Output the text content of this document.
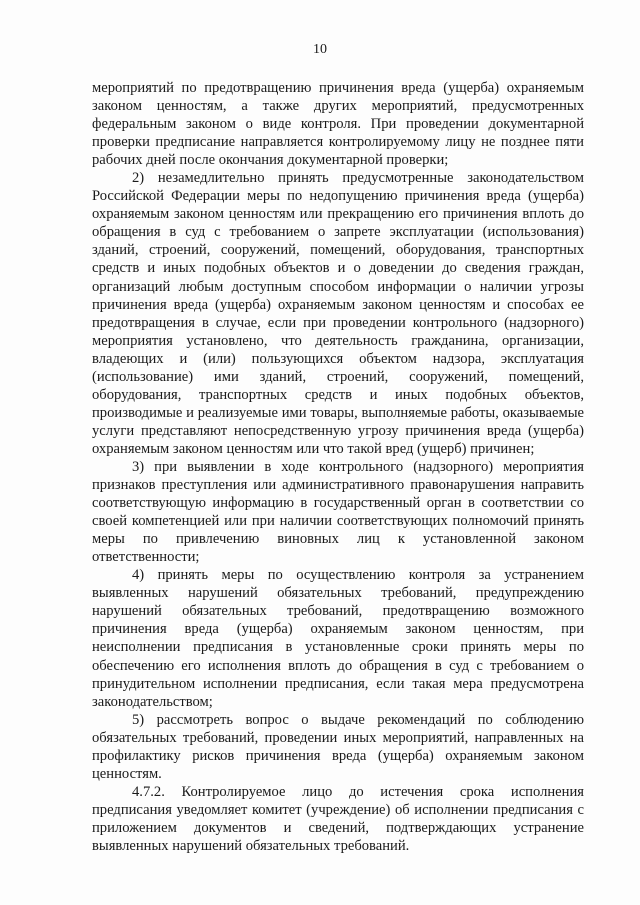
10

мероприятий по предотвращению причинения вреда (ущерба) охраняемым законом ценностям, а также других мероприятий, предусмотренных федеральным законом о виде контроля. При проведении документарной проверки предписание направляется контролируемому лицу не позднее пяти рабочих дней после окончания документарной проверки;

2) незамедлительно принять предусмотренные законодательством Российской Федерации меры по недопущению причинения вреда (ущерба) охраняемым законом ценностям или прекращению его причинения вплоть до обращения в суд с требованием о запрете эксплуатации (использования) зданий, строений, сооружений, помещений, оборудования, транспортных средств и иных подобных объектов и о доведении до сведения граждан, организаций любым доступным способом информации о наличии угрозы причинения вреда (ущерба) охраняемым законом ценностям и способах ее предотвращения в случае, если при проведении контрольного (надзорного) мероприятия установлено, что деятельность гражданина, организации, владеющих и (или) пользующихся объектом надзора, эксплуатация (использование) ими зданий, строений, сооружений, помещений, оборудования, транспортных средств и иных подобных объектов, производимые и реализуемые ими товары, выполняемые работы, оказываемые услуги представляют непосредственную угрозу причинения вреда (ущерба) охраняемым законом ценностям или что такой вред (ущерб) причинен;

3) при выявлении в ходе контрольного (надзорного) мероприятия признаков преступления или административного правонарушения направить соответствующую информацию в государственный орган в соответствии со своей компетенцией или при наличии соответствующих полномочий принять меры по привлечению виновных лиц к установленной законом ответственности;

4) принять меры по осуществлению контроля за устранением выявленных нарушений обязательных требований, предупреждению нарушений обязательных требований, предотвращению возможного причинения вреда (ущерба) охраняемым законом ценностям, при неисполнении предписания в установленные сроки принять меры по обеспечению его исполнения вплоть до обращения в суд с требованием о принудительном исполнении предписания, если такая мера предусмотрена законодательством;

5) рассмотреть вопрос о выдаче рекомендаций по соблюдению обязательных требований, проведении иных мероприятий, направленных на профилактику рисков причинения вреда (ущерба) охраняемым законом ценностям.

4.7.2. Контролируемое лицо до истечения срока исполнения предписания уведомляет комитет (учреждение) об исполнении предписания с приложением документов и сведений, подтверждающих устранение выявленных нарушений обязательных требований.
